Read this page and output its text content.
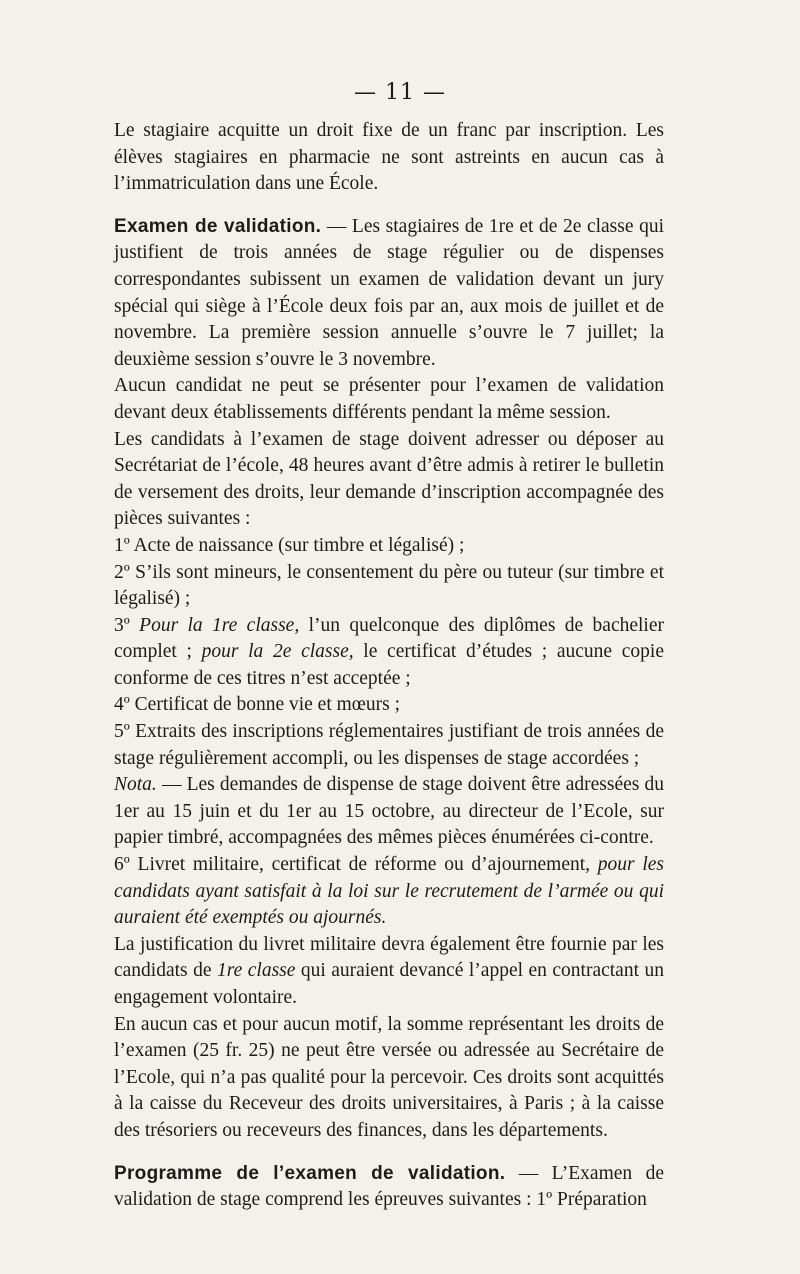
— 11 —

Le stagiaire acquitte un droit fixe de un franc par inscription. Les élèves stagiaires en pharmacie ne sont astreints en aucun cas à l’immatriculation dans une École.

Examen de validation. — Les stagiaires de 1re et de 2e classe qui justifient de trois années de stage régulier ou de dispenses correspondantes subissent un examen de validation devant un jury spécial qui siège à l’École deux fois par an, aux mois de juillet et de novembre. La première session annuelle s’ouvre le 7 juillet; la deuxième session s’ouvre le 3 novembre.

Aucun candidat ne peut se présenter pour l’examen de validation devant deux établissements différents pendant la même session.

Les candidats à l’examen de stage doivent adresser ou déposer au Secrétariat de l’école, 48 heures avant d’être admis à retirer le bulletin de versement des droits, leur demande d’inscription accompagnée des pièces suivantes :

1º Acte de naissance (sur timbre et légalisé) ;

2º S’ils sont mineurs, le consentement du père ou tuteur (sur timbre et légalisé) ;

3º Pour la 1re classe, l’un quelconque des diplômes de bachelier complet ; pour la 2e classe, le certificat d’études ; aucune copie conforme de ces titres n’est acceptée ;

4º Certificat de bonne vie et mœurs ;

5º Extraits des inscriptions réglementaires justifiant de trois années de stage régulièrement accompli, ou les dispenses de stage accordées ;

Nota. — Les demandes de dispense de stage doivent être adressées du 1er au 15 juin et du 1er au 15 octobre, au directeur de l’Ecole, sur papier timbré, accompagnées des mêmes pièces énumérées ci-contre.

6º Livret militaire, certificat de réforme ou d’ajournement, pour les candidats ayant satisfait à la loi sur le recrutement de l’armée ou qui auraient été exemptés ou ajournés.

La justification du livret militaire devra également être fournie par les candidats de 1re classe qui auraient devancé l’appel en contractant un engagement volontaire.

En aucun cas et pour aucun motif, la somme représentant les droits de l’examen (25 fr. 25) ne peut être versée ou adressée au Secrétaire de l’Ecole, qui n’a pas qualité pour la percevoir. Ces droits sont acquittés à la caisse du Receveur des droits universitaires, à Paris ; à la caisse des trésoriers ou receveurs des finances, dans les départements.

Programme de l’examen de validation. — L’Examen de validation de stage comprend les épreuves suivantes : 1º Préparation
